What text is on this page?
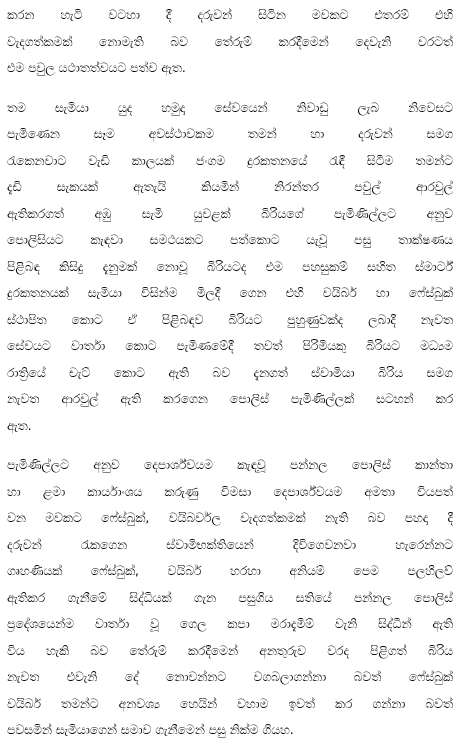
කරන හැටි වටහා දී දරුවන් සිටින මවකට එතරම් එහි
වැදගත්කමක් නොමැති බව තේරුම් කරදීමෙන් දෙවැනි වරටත්
එම පවුල යථාතත්වයට පත්ව ඇත.
තම සැමියා යුද හමුදා සේවයෙන් නිවාඩු ලැබ නිවෙසට
පැමිණෙන සෑම අවස්ථාවකම තමන් හා දරුවන් සමග
රැකෙනවාට වැඩි කාලයක් ජංගම දුරකතනයේ රැඳී සිටීම තමන්ට
දැඩි සැකයක් ඇතැයි කියමින් නිරන්තර පවුල් ආරවුල්
ඇතිකරගත් අඹු සැමි යුවළක් බිරියගේ පැමිණිල්ලට අනුව
පොලිසියට කැඳවා සමථයකට පත්කොට යැවූ පසු තාක්ෂණය
පිළිබඳ කිසිදු දැනුමක් නොවූ බිරියටද එම පහසුකම් සහිත ස්මාර්ට්
දුරකතනයක් සැමියා විසින්ම මිලදී ගෙන එහි වයිබර් හා ෆේස්බුක්
ස්ථාපිත කොට ඒ පිළිබඳව බිරියට පුහුණුවක්ද ලබාදී නැවත
සේවයට වාර්තා කොට පැමිණමේදී තවත් පිරිමියකු බිරියට මධ්‍යම
රාත්‍රියේ චැට් කොට ඇති බව දැනගත් ස්වාමියා බිරිය සමග
නැවත ආරවුල් ඇති කරගෙන පොලිස් පැමිණිල්ලක් සටහන් කර
ඇත.
පැමිණිල්ලට අනුව දෙපාර්ශ්වයම කැඳවූ පන්නල පොලිස් කාන්තා
හා ළමා කාර්යාංශය කරුණු විමසා දෙපාර්ශ්වයම අමතා වියපත්
වන මවකට ෆේස්බුක්, වයිබර්වල වැදගත්කමක් නැති බව පහදා දී
දරුවන් රැකගෙන ස්වාමිභක්තියෙන් දිවිගෙවනවා හැරෙන්නට
ගෘහණියක් ෆේස්බුක්, වයිබර් හරහා අනියම් පෙම පලහිලව්
ඇතිකර ගැනීමේ සිද්ධියක් ගැන පසුගිය සතියේ පන්නල පොලිස්
ප්‍රදේශයෙන්ම වාර්තා වූ ගෙල කපා මරාදැමීම් වැනි සිද්ධීන් ඇති
විය හැකි බව තේරුම් කරදීමෙන් අනතුරුව වරද පිළිගත් බිරිය
නැවත එවැනි දේ නොවන්නට වගබලාගන්නා බවත් ෆේස්බුක්
වයිබර් තමන්ට අනවශ්‍ය හෙයින් වහාම ඉවත් කර ගන්නා බවත්
පවසමින් සැමියාගෙන් සමාව ගැනීමෙන් පසු නික්ම ගියහ.
